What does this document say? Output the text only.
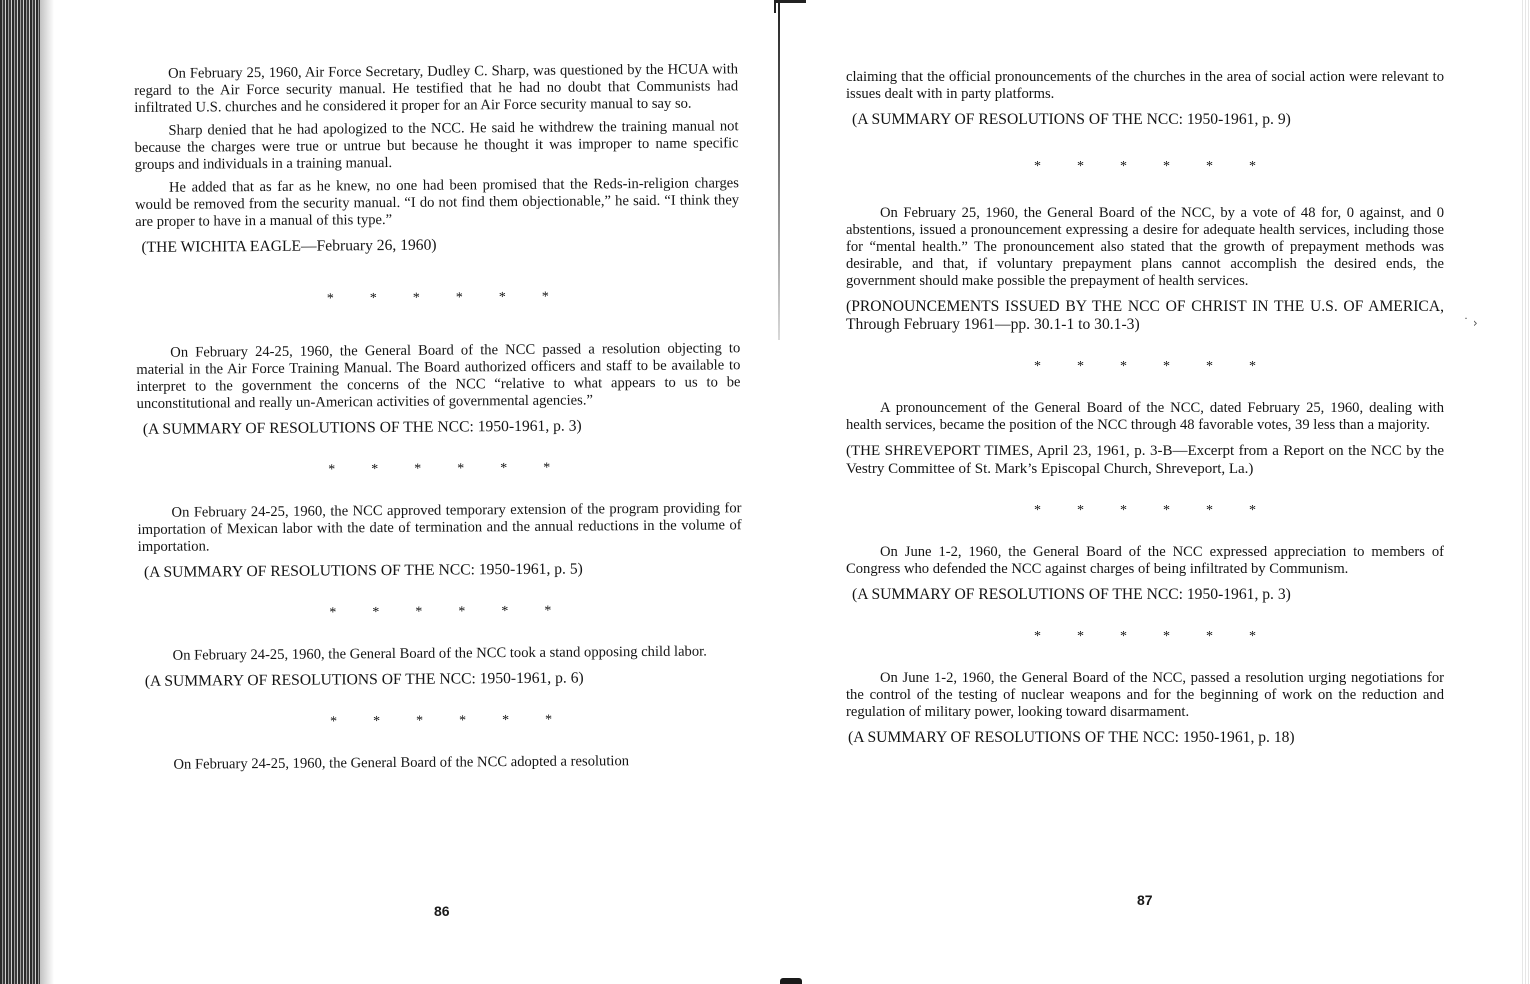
˙ ›

On February 25, 1960, Air Force Secretary, Dudley C. Sharp, was questioned by the HCUA with regard to the Air Force security manual. He testified that he had no doubt that Communists had infiltrated U.S. churches and he considered it proper for an Air Force security manual to say so.

Sharp denied that he had apologized to the NCC. He said he withdrew the training manual not because the charges were true or untrue but because he thought it was improper to name specific groups and individuals in a training manual.

He added that as far as he knew, no one had been promised that the Reds-in-religion charges would be removed from the security manual. “I do not find them objectionable,” he said. “I think they are proper to have in a manual of this type.”

(THE WICHITA EAGLE—February 26, 1960)

*	*	*	*	*	*

On February 24-25, 1960, the General Board of the NCC passed a resolution objecting to material in the Air Force Training Manual. The Board authorized officers and staff to be available to interpret to the government the concerns of the NCC “relative to what appears to us to be unconstitutional and really un-American activities of governmental agencies.”

(A SUMMARY OF RESOLUTIONS OF THE NCC: 1950-1961, p. 3)

*	*	*	*	*	*

On February 24-25, 1960, the NCC approved temporary extension of the program providing for importation of Mexican labor with the date of termination and the annual reductions in the volume of importation.

(A SUMMARY OF RESOLUTIONS OF THE NCC: 1950-1961, p. 5)

*	*	*	*	*	*

On February 24-25, 1960, the General Board of the NCC took a stand opposing child labor.

(A SUMMARY OF RESOLUTIONS OF THE NCC: 1950-1961, p. 6)

*	*	*	*	*	*

On February 24-25, 1960, the General Board of the NCC adopted a resolution

86

claiming that the official pronouncements of the churches in the area of social action were relevant to issues dealt with in party platforms.

(A SUMMARY OF RESOLUTIONS OF THE NCC: 1950-1961, p. 9)

*	*	*	*	*	*

On February 25, 1960, the General Board of the NCC, by a vote of 48 for, 0 against, and 0 abstentions, issued a pronouncement expressing a desire for adequate health services, including those for “mental health.” The pronouncement also stated that the growth of prepayment methods was desirable, and that, if voluntary prepayment plans cannot accomplish the desired ends, the government should make possible the prepayment of health services.

(PRONOUNCEMENTS ISSUED BY THE NCC OF CHRIST IN THE U.S. OF AMERICA, Through February 1961—pp. 30.1-1 to 30.1-3)

*	*	*	*	*	*

A pronouncement of the General Board of the NCC, dated February 25, 1960, dealing with health services, became the position of the NCC through 48 favorable votes, 39 less than a majority.

(THE SHREVEPORT TIMES, April 23, 1961, p. 3-B—Excerpt from a Report on the NCC by the Vestry Committee of St. Mark’s Episcopal Church, Shreveport, La.)

*	*	*	*	*	*

On June 1-2, 1960, the General Board of the NCC expressed appreciation to members of Congress who defended the NCC against charges of being infiltrated by Communism.

(A SUMMARY OF RESOLUTIONS OF THE NCC: 1950-1961, p. 3)

*	*	*	*	*	*

On June 1-2, 1960, the General Board of the NCC, passed a resolution urging negotiations for the control of the testing of nuclear weapons and for the beginning of work on the reduction and regulation of military power, looking toward disarmament.

(A SUMMARY OF RESOLUTIONS OF THE NCC: 1950-1961, p. 18)

87
